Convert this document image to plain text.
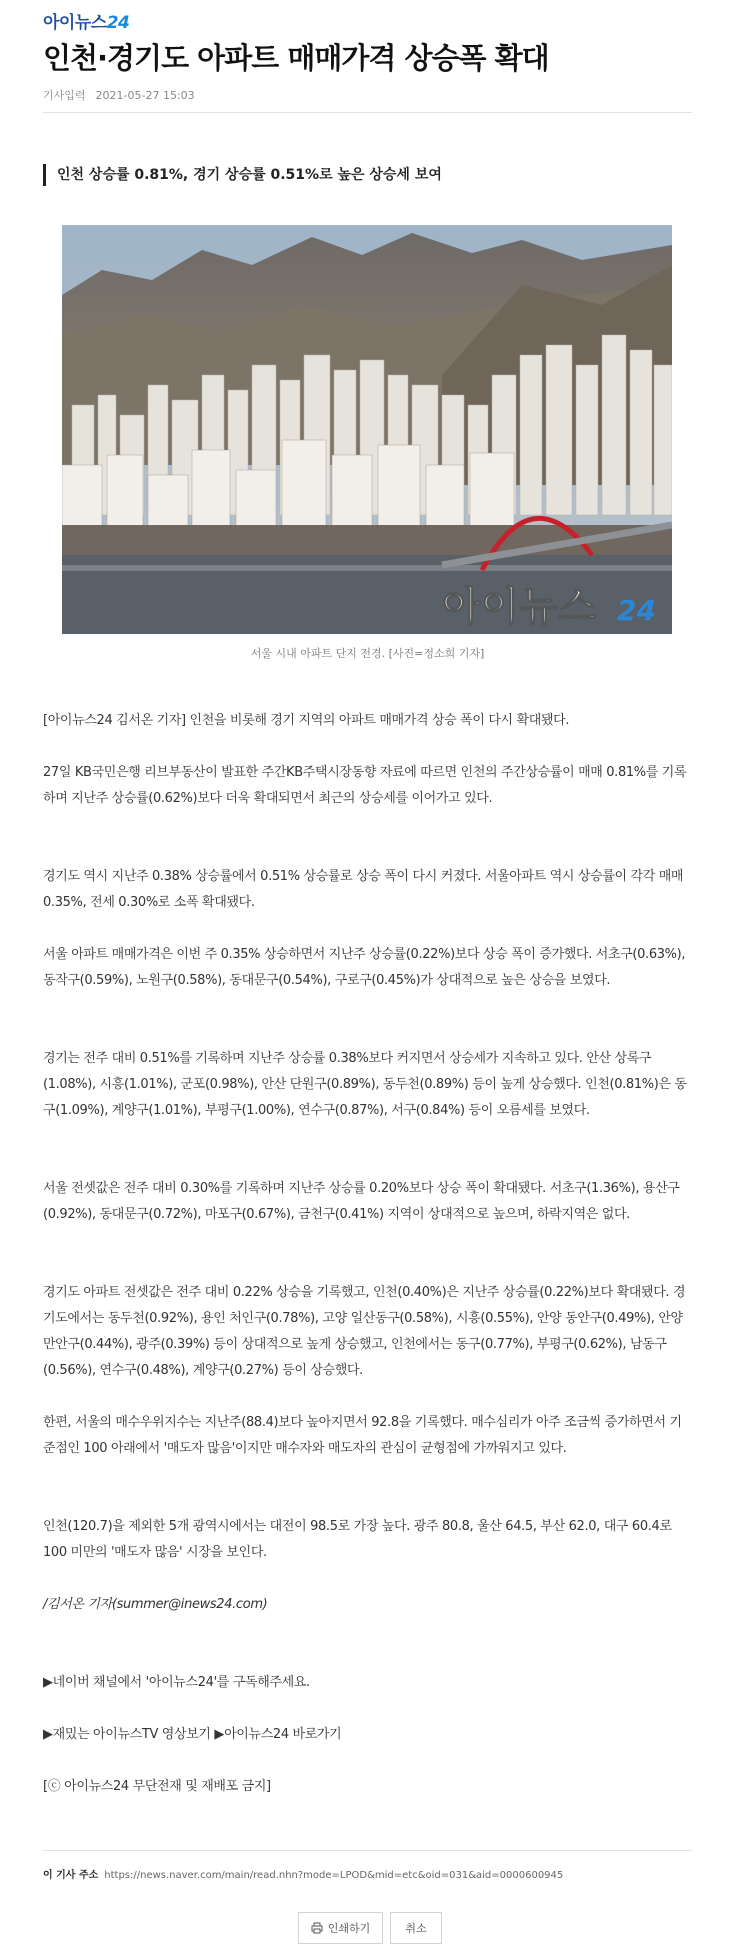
아이뉴스24
인천·경기도 아파트 매매가격 상승폭 확대
기사입력 2021-05-27 15:03
인천 상승률 0.81%, 경기 상승률 0.51%로 높은 상승세 보여
아이뉴스 24
서울 시내 아파트 단지 전경. [사진=정소희 기자]

[아이뉴스24 김서온 기자] 인천을 비롯해 경기 지역의 아파트 매매가격 상승 폭이 다시 확대됐다.

27일 KB국민은행 리브부동산이 발표한 주간KB주택시장동향 자료에 따르면 인천의 주간상승률이 매매 0.81%를 기록하며 지난주 상승률(0.62%)보다 더욱 확대되면서 최근의 상승세를 이어가고 있다.

경기도 역시 지난주 0.38% 상승률에서 0.51% 상승률로 상승 폭이 다시 커졌다. 서울아파트 역시 상승률이 각각 매매 0.35%, 전세 0.30%로 소폭 확대됐다.

서울 아파트 매매가격은 이번 주 0.35% 상승하면서 지난주 상승률(0.22%)보다 상승 폭이 증가했다. 서초구(0.63%), 동작구(0.59%), 노원구(0.58%), 동대문구(0.54%), 구로구(0.45%)가 상대적으로 높은 상승을 보였다.

경기는 전주 대비 0.51%를 기록하며 지난주 상승률 0.38%보다 커지면서 상승세가 지속하고 있다. 안산 상록구(1.08%), 시흥(1.01%), 군포(0.98%), 안산 단원구(0.89%), 동두천(0.89%) 등이 높게 상승했다. 인천(0.81%)은 동구(1.09%), 계양구(1.01%), 부평구(1.00%), 연수구(0.87%), 서구(0.84%) 등이 오름세를 보였다.

서울 전셋값은 전주 대비 0.30%를 기록하며 지난주 상승률 0.20%보다 상승 폭이 확대됐다. 서초구(1.36%), 용산구(0.92%), 동대문구(0.72%), 마포구(0.67%), 금천구(0.41%) 지역이 상대적으로 높으며, 하락지역은 없다.

경기도 아파트 전셋값은 전주 대비 0.22% 상승을 기록했고, 인천(0.40%)은 지난주 상승률(0.22%)보다 확대됐다. 경기도에서는 동두천(0.92%), 용인 처인구(0.78%), 고양 일산동구(0.58%), 시흥(0.55%), 안양 동안구(0.49%), 안양 만안구(0.44%), 광주(0.39%) 등이 상대적으로 높게 상승했고, 인천에서는 동구(0.77%), 부평구(0.62%), 남동구(0.56%), 연수구(0.48%), 계양구(0.27%) 등이 상승했다.

한편, 서울의 매수우위지수는 지난주(88.4)보다 높아지면서 92.8을 기록했다. 매수심리가 아주 조금씩 증가하면서 기준점인 100 아래에서 '매도자 많음'이지만 매수자와 매도자의 관심이 균형점에 가까워지고 있다.

인천(120.7)을 제외한 5개 광역시에서는 대전이 98.5로 가장 높다. 광주 80.8, 울산 64.5, 부산 62.0, 대구 60.4로 100 미만의 '매도자 많음' 시장을 보인다.

/김서온 기자(summer@inews24.com)

▶네이버 채널에서 '아이뉴스24'를 구독해주세요.

▶재밌는 아이뉴스TV 영상보기 ▶아이뉴스24 바로가기

[ⓒ 아이뉴스24 무단전재 및 재배포 금지]

이 기사 주소 https://news.naver.com/main/read.nhn?mode=LPOD&mid=etc&oid=031&aid=0000600945
인쇄하기	취소
